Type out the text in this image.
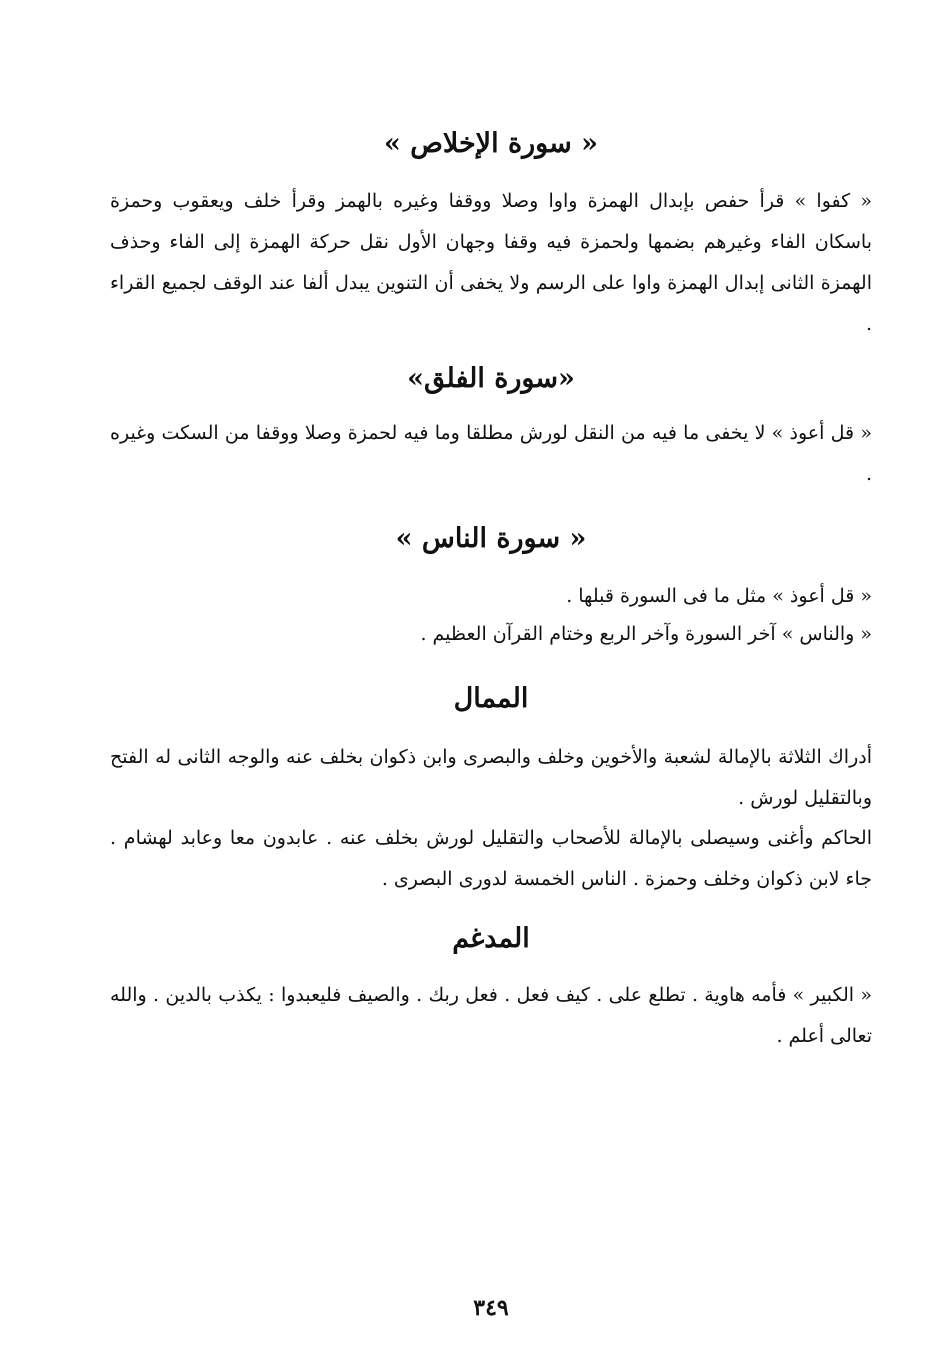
« سورة الإخلاص »

« كفوا » قرأ حفص بإبدال الهمزة واوا وصلا ووقفا وغيره بالهمز وقرأ خلف ويعقوب وحمزة باسكان الفاء وغيرهم بضمها ولحمزة فيه وقفا وجهان الأول نقل حركة الهمزة إلى الفاء وحذف الهمزة الثانى إبدال الهمزة واوا على الرسم ولا يخفى أن التنوين يبدل ألفا عند الوقف لجميع القراء .

«سورة الفلق»

« قل أعوذ » لا يخفى ما فيه من النقل لورش مطلقا وما فيه لحمزة وصلا ووقفا من السكت وغيره .

« سورة الناس »

« قل أعوذ » مثل ما فى السورة قبلها .

« والناس » آخر السورة وآخر الربع وختام القرآن العظيم .

الممال

أدراك الثلاثة بالإمالة لشعبة والأخوين وخلف والبصرى وابن ذكوان بخلف عنه والوجه الثانى له الفتح وبالتقليل لورش .

الحاكم وأغنى وسيصلى بالإمالة للأصحاب والتقليل لورش بخلف عنه . عابدون معا وعابد لهشام . جاء لابن ذكوان وخلف وحمزة . الناس الخمسة لدورى البصرى .

المدغم

« الكبير » فأمه هاوية . تطلع على . كيف فعل . فعل ربك . والصيف فليعبدوا : يكذب بالدين . والله تعالى أعلم .

٣٤٩
